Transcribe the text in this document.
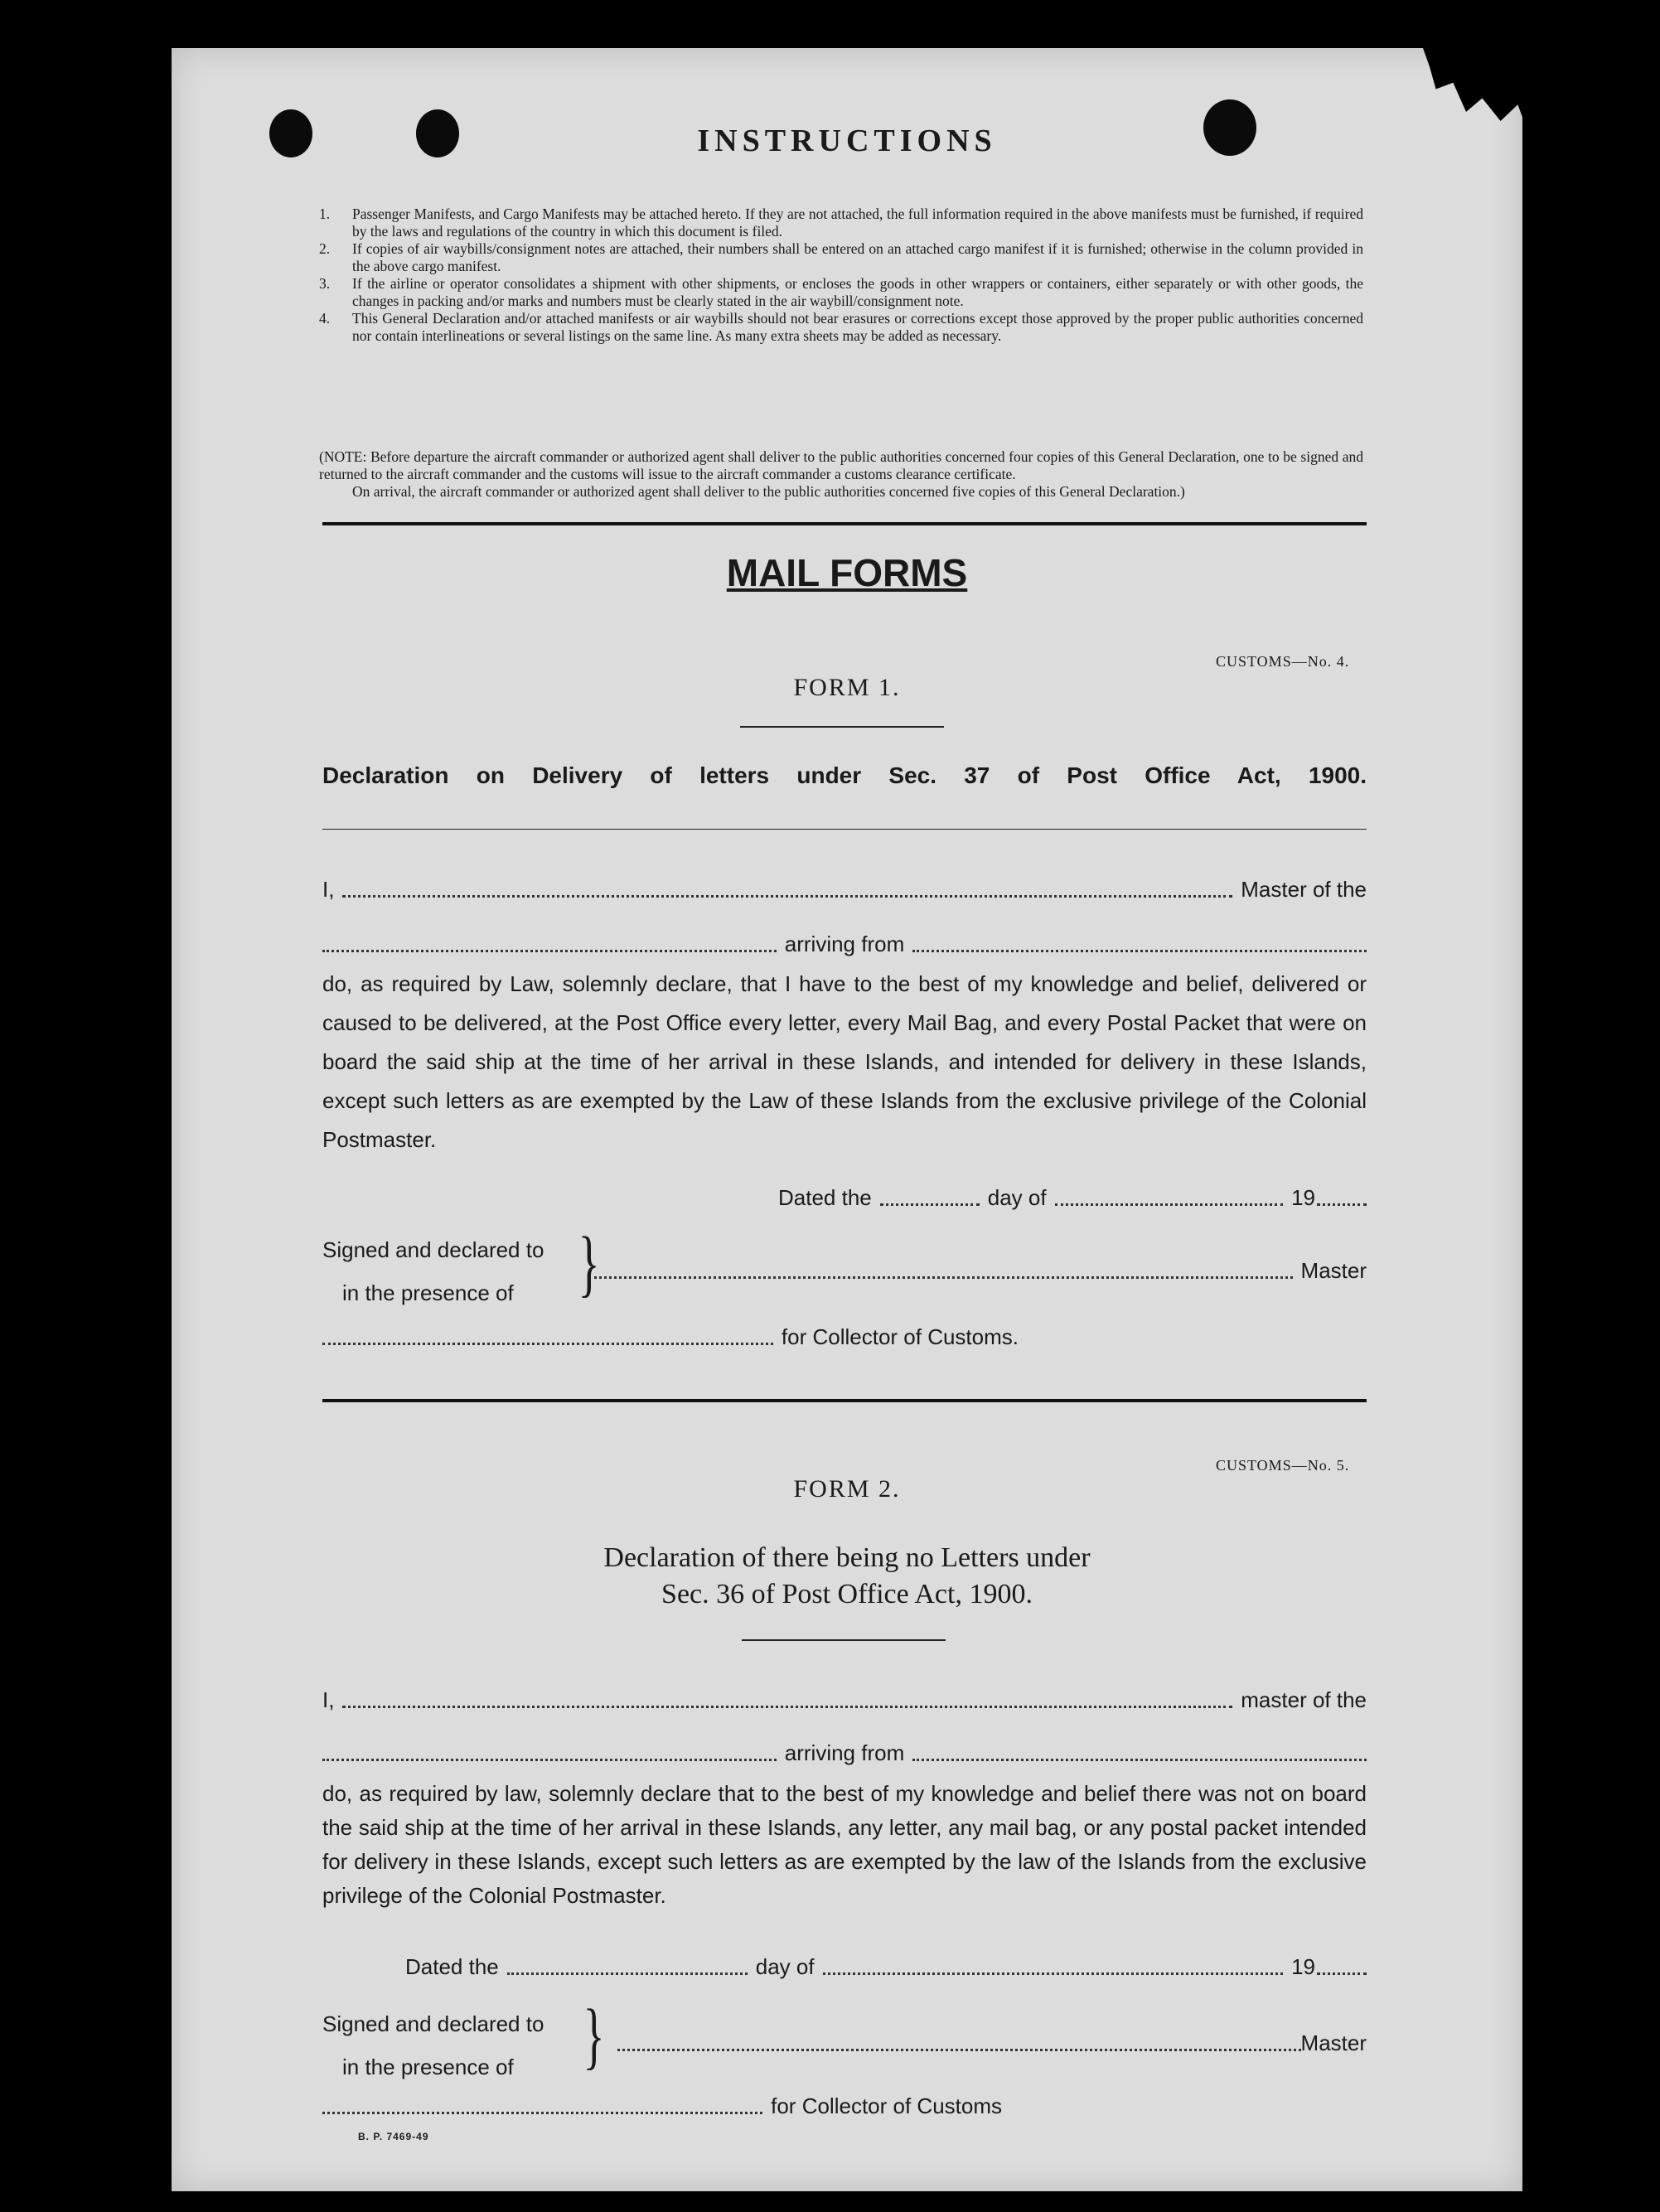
INSTRUCTIONS
1.	Passenger Manifests, and Cargo Manifests may be attached hereto. If they are not attached, the full information required in the above manifests must be furnished, if required by the laws and regulations of the country in which this document is filed.
2.	If copies of air waybills/consignment notes are attached, their numbers shall be entered on an attached cargo manifest if it is furnished; otherwise in the column provided in the above cargo manifest.
3.	If the airline or operator consolidates a shipment with other shipments, or encloses the goods in other wrappers or containers, either separately or with other goods, the changes in packing and/or marks and numbers must be clearly stated in the air waybill/consignment note.
4.	This General Declaration and/or attached manifests or air waybills should not bear erasures or corrections except those approved by the proper public authorities concerned nor contain interlineations or several listings on the same line. As many extra sheets may be added as necessary.
(NOTE: Before departure the aircraft commander or authorized agent shall deliver to the public authorities concerned four copies of this General Declaration, one to be signed and returned to the aircraft commander and the customs will issue to the aircraft commander a customs clearance certificate.
On arrival, the aircraft commander or authorized agent shall deliver to the public authorities concerned five copies of this General Declaration.)
MAIL FORMS
CUSTOMS—No. 4.
FORM 1.
Declaration on Delivery of letters under Sec. 37 of Post Office Act, 1900.
I,	Master of the
arriving from
do, as required by Law, solemnly declare, that I have to the best of my knowledge and belief, delivered or caused to be delivered, at the Post Office every letter, every Mail Bag, and every Postal Packet that were on board the said ship at the time of her arrival in these Islands, and intended for delivery in these Islands, except such letters as are exempted by the Law of these Islands from the exclusive privilege of the Colonial Postmaster.
Dated the	day of	19
Signed and declared to
in the presence of }	Master
for Collector of Customs.
CUSTOMS—No. 5.
FORM 2.
Declaration of there being no Letters under
Sec. 36 of Post Office Act, 1900.
I,	master of the
arriving from
do, as required by law, solemnly declare that to the best of my knowledge and belief there was not on board the said ship at the time of her arrival in these Islands, any letter, any mail bag, or any postal packet intended for delivery in these Islands, except such letters as are exempted by the law of the Islands from the exclusive privilege of the Colonial Postmaster.
Dated the	day of	19
Signed and declared to
in the presence of }	Master
for Collector of Customs
B. P. 7469-49
